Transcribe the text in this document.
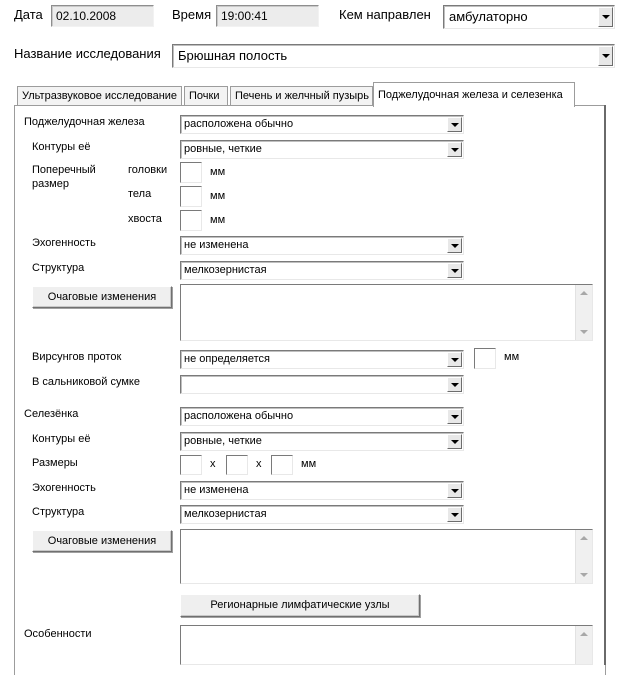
Дата	02.10.2008	Время 19:00:41	Кем направлен амбулаторно
Название исследования Брюшная полость
Ультразвуковое исследование	Почки	Печень и желчный пузырь Поджелудочная железа и селезенка
Поджелудочная железа	расположена обычно
Контуры её	ровные, четкие
Поперечный
размер
головки	мм
тела	мм
хвоста	мм
Эхогенность	не изменена
Структура	мелкозернистая
Очаговые изменения
Вирсунгов проток	не определяется	мм
В сальниковой сумке
Селезёнка	расположена обычно
Контуры её	ровные, четкие
Размеры	х	х	мм
Эхогенность	не изменена
Структура	мелкозернистая
Очаговые изменения
Регионарные лимфатические узлы
Особенности
